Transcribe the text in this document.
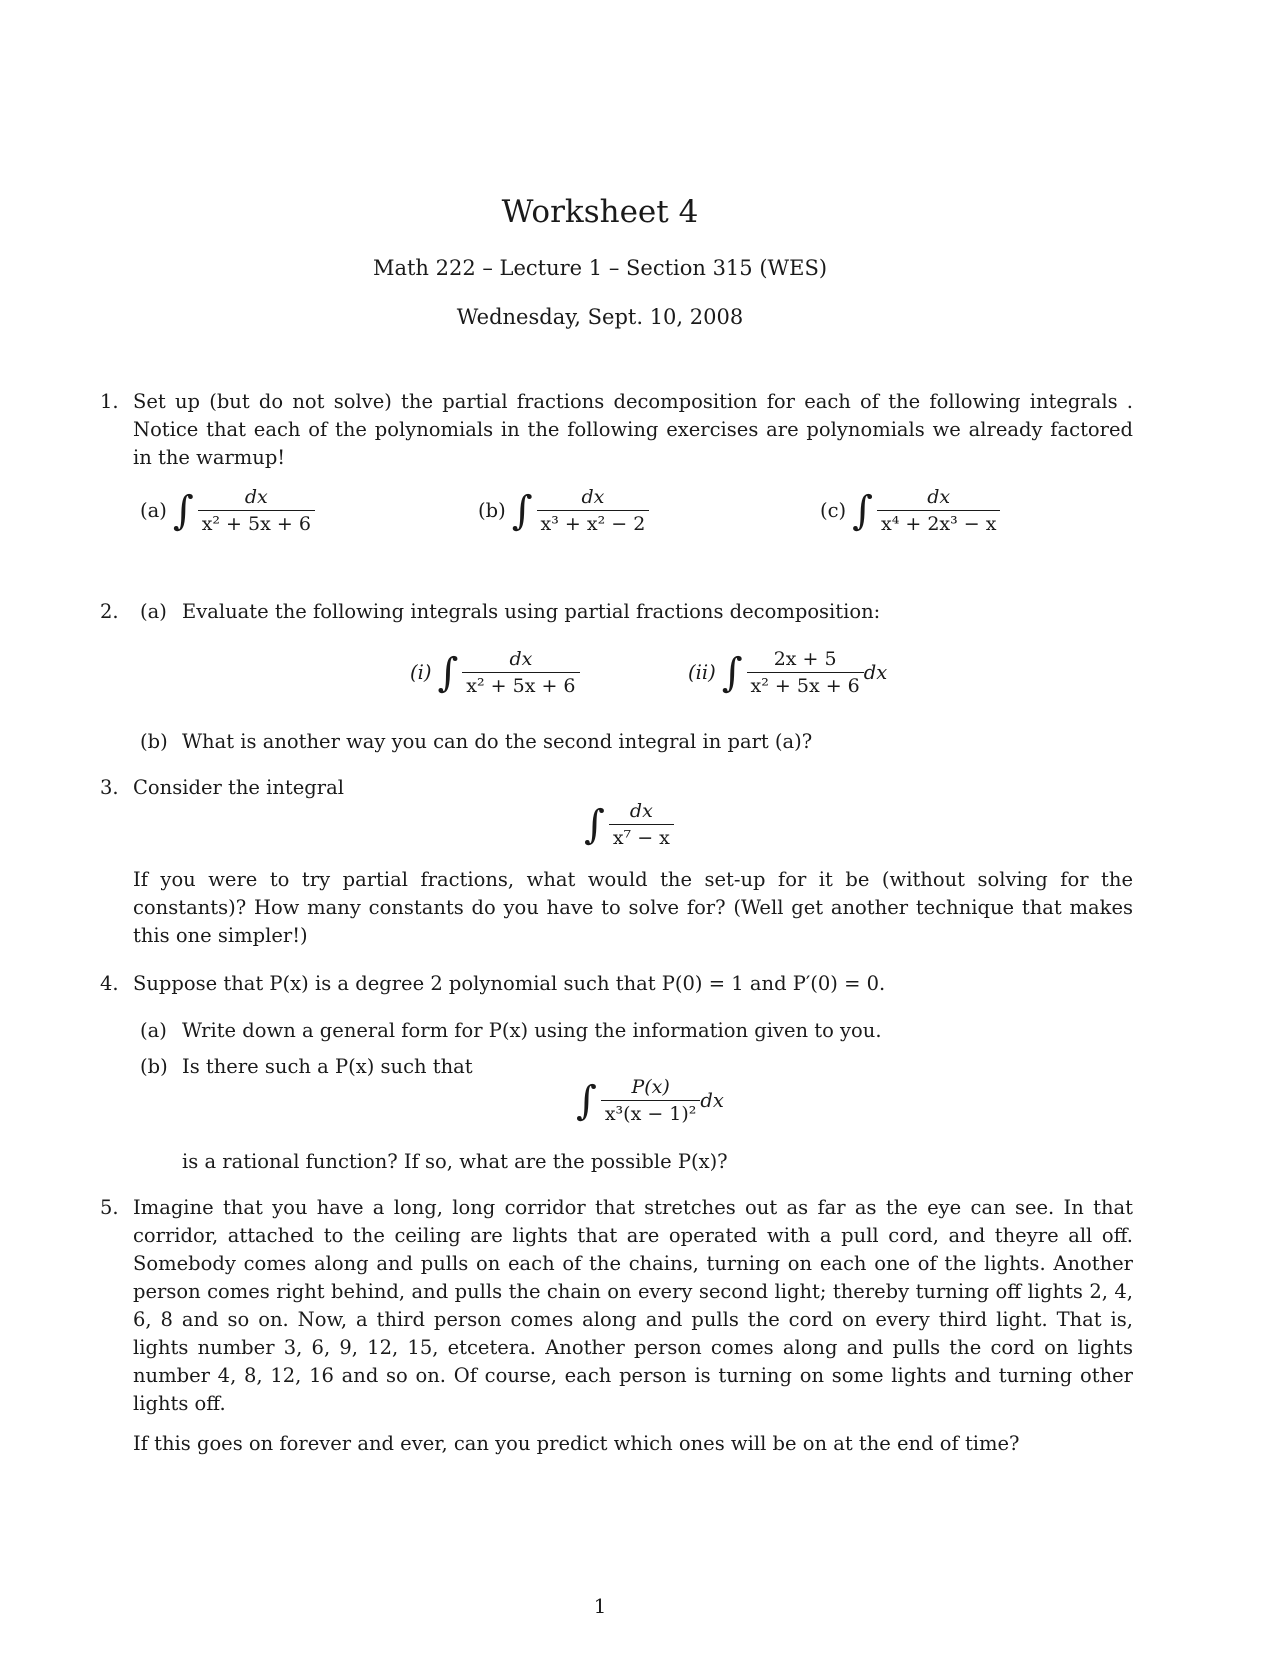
Worksheet 4
Math 222 – Lecture 1 – Section 315 (WES)
Wednesday, Sept. 10, 2008
1. Set up (but do not solve) the partial fractions decomposition for each of the following integrals . Notice that each of the polynomials in the following exercises are polynomials we already factored in the warmup!
(a) ∫ $\frac{dx}{\text{x² + 5x + 6}}$	(b) ∫ $\frac{dx}{\text{x³ + x² − 2}}$	(c) ∫ $\frac{dx}{\text{x⁴ + 2x³ − x}}$
2. (a) Evaluate the following integrals using partial fractions decomposition:
(i) ∫ $\frac{dx}{\text{x² + 5x + 6}}$	(ii) ∫ $\frac{2x + 5}{\text{x² + 5x + 6}}$ dx
(b) What is another way you can do the second integral in part (a)?
3. Consider the integral
∫ $\frac{dx}{\text{x⁷ − x}}$
If you were to try partial fractions, what would the set-up for it be (without solving for the constants)? How many constants do you have to solve for? (Well get another technique that makes this one simpler!)
4. Suppose that P(x) is a degree 2 polynomial such that P(0) = 1 and P′(0) = 0.
(a) Write down a general form for P(x) using the information given to you.
(b) Is there such a P(x) such that
∫ $\frac{P(x)}{\text{x³(x − 1)²}}$ dx
is a rational function? If so, what are the possible P(x)?
5. Imagine that you have a long, long corridor that stretches out as far as the eye can see. In that corridor, attached to the ceiling are lights that are operated with a pull cord, and theyre all off. Somebody comes along and pulls on each of the chains, turning on each one of the lights. Another person comes right behind, and pulls the chain on every second light; thereby turning off lights 2, 4, 6, 8 and so on. Now, a third person comes along and pulls the cord on every third light. That is, lights number 3, 6, 9, 12, 15, etcetera. Another person comes along and pulls the cord on lights number 4, 8, 12, 16 and so on. Of course, each person is turning on some lights and turning other lights off.
If this goes on forever and ever, can you predict which ones will be on at the end of time?
1
